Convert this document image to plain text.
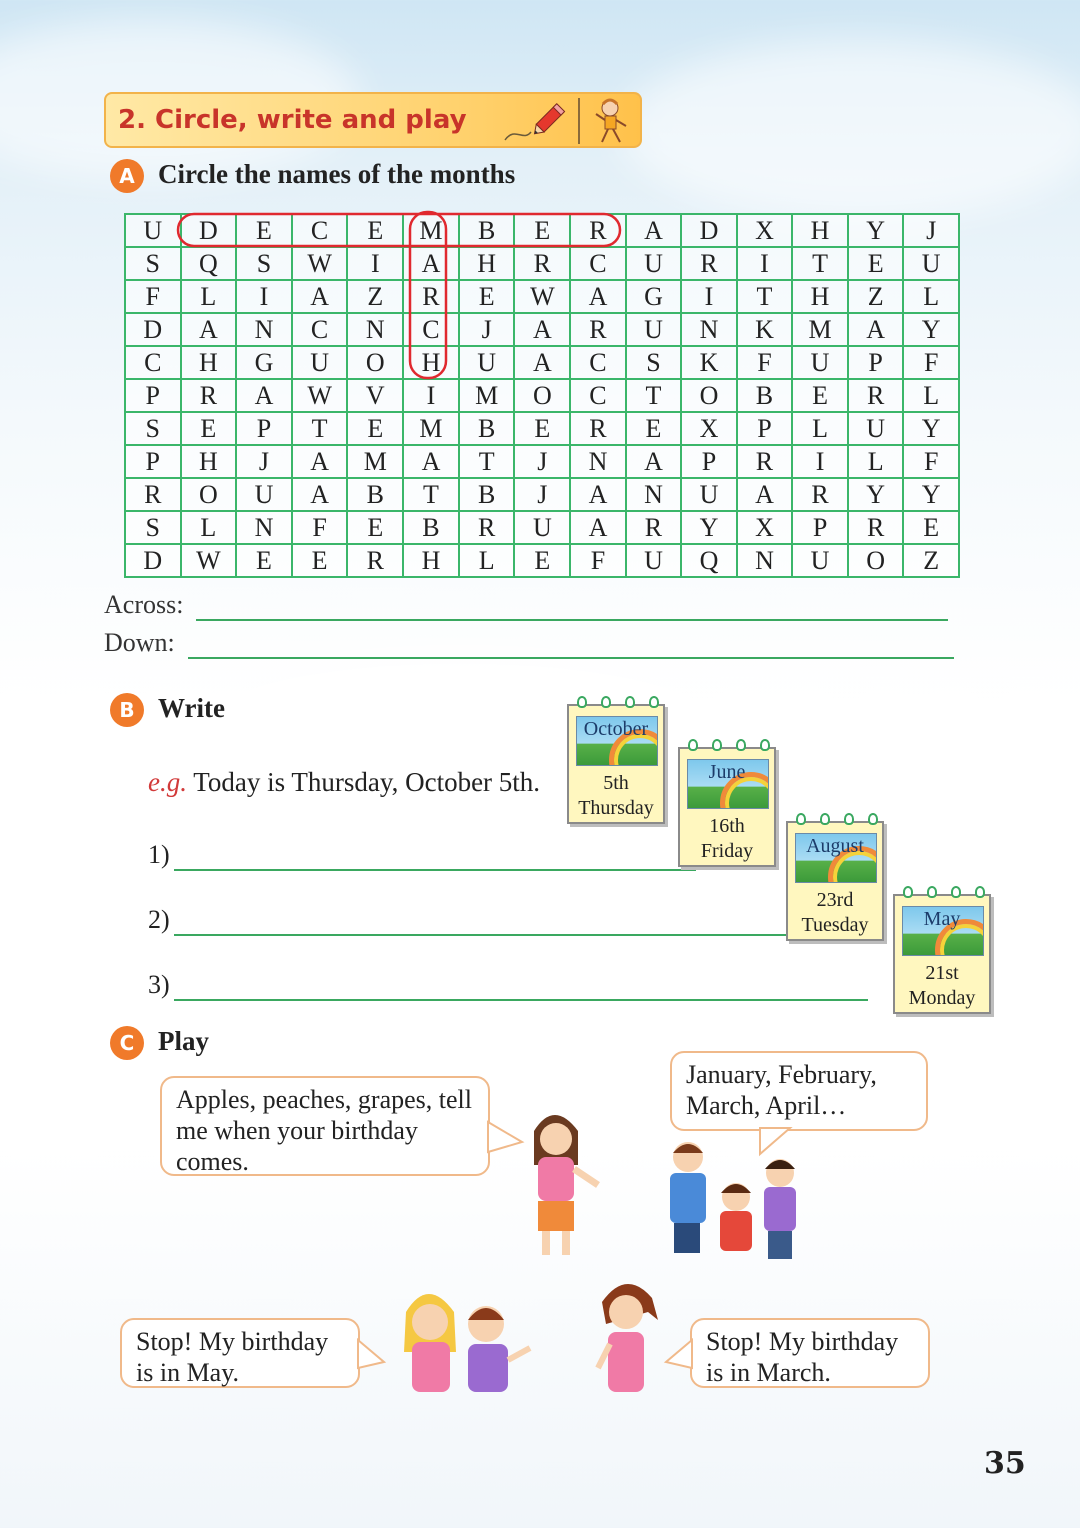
2. Circle, write and play
A Circle the names of the months
U	D	E	C	E	M	B	E	R	A	D	X	H	Y	J
S	Q	S	W	I	A	H	R	C	U	R	I	T	E	U
F	L	I	A	Z	R	E	W	A	G	I	T	H	Z	L
D	A	N	C	N	C	J	A	R	U	N	K	M	A	Y
C	H	G	U	O	H	U	A	C	S	K	F	U	P	F
P	R	A	W	V	I	M	O	C	T	O	B	E	R	L
S	E	P	T	E	M	B	E	R	E	X	P	L	U	Y
P	H	J	A	M	A	T	J	N	A	P	R	I	L	F
R	O	U	A	B	T	B	J	A	N	U	A	R	Y	Y
S	L	N	F	E	B	R	U	A	R	Y	X	P	R	E
D	W	E	E	R	H	L	E	F	U	Q	N	U	O	Z
Across:
Down:
B Write
e.g. Today is Thursday, October 5th.
1)
2)
3)
October
5th
Thursday
June
16th
Friday	August
23rd
Tuesday	May
21st
Monday
C Play
Apples, peaches, grapes, tell me when your birthday comes.
January, February, March, April…
Stop! My birthday is in May.
Stop! My birthday is in March.
35
